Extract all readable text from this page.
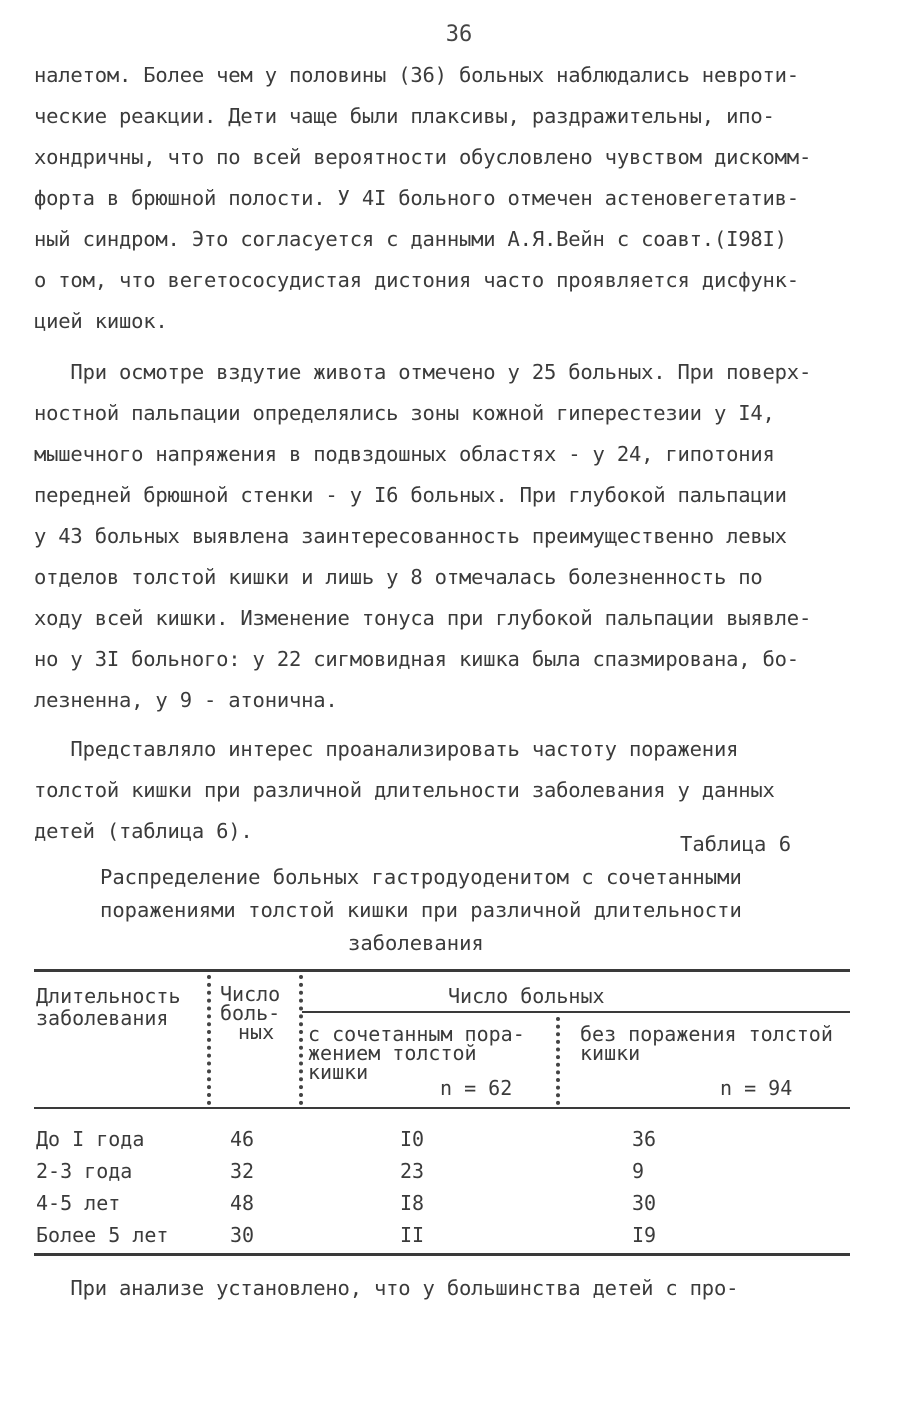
36
налетом. Более чем у половины (36) больных наблюдались невроти-
ческие реакции. Дети чаще были плаксивы, раздражительны, ипо-
хондричны, что по всей вероятности обусловлено чувством дискомм-
форта в брюшной полости. У 4I больного отмечен астеновегетатив-
ный синдром. Это согласуется с данными А.Я.Вейн с соавт.(I98I)
о том, что вегетососудистая дистония часто проявляется дисфунк-
цией кишок.
При осмотре вздутие живота отмечено у 25 больных. При поверх-
ностной пальпации определялись зоны кожной гиперестезии у I4,
мышечного напряжения в подвздошных областях - у 24, гипотония
передней брюшной стенки - у I6 больных. При глубокой пальпации
у 43 больных выявлена заинтересованность преимущественно левых
отделов толстой кишки и лишь у 8 отмечалась болезненность по
ходу всей кишки. Изменение тонуса при глубокой пальпации выявле-
но у 3I больного: у 22 сигмовидная кишка была спазмирована, бо-
лезненна, у 9 - атонична.
Представляло интерес проанализировать частоту поражения
толстой кишки при различной длительности заболевания у данных
детей (таблица 6).
Таблица 6
Распределение больных гастродуоденитом с сочетанными
поражениями толстой кишки при различной длительности
заболевания
Длительность
заболевания
Число
боль-
ных
Число больных
с сочетанным пора-
жением толстой
кишки
n = 62
без поражения толстой
кишки
n = 94
До I года	46	I0	36
2-3 года	32	23	9
4-5 лет	48	I8	30
Более 5 лет	30	II	I9
При анализе установлено, что у большинства детей с про-
